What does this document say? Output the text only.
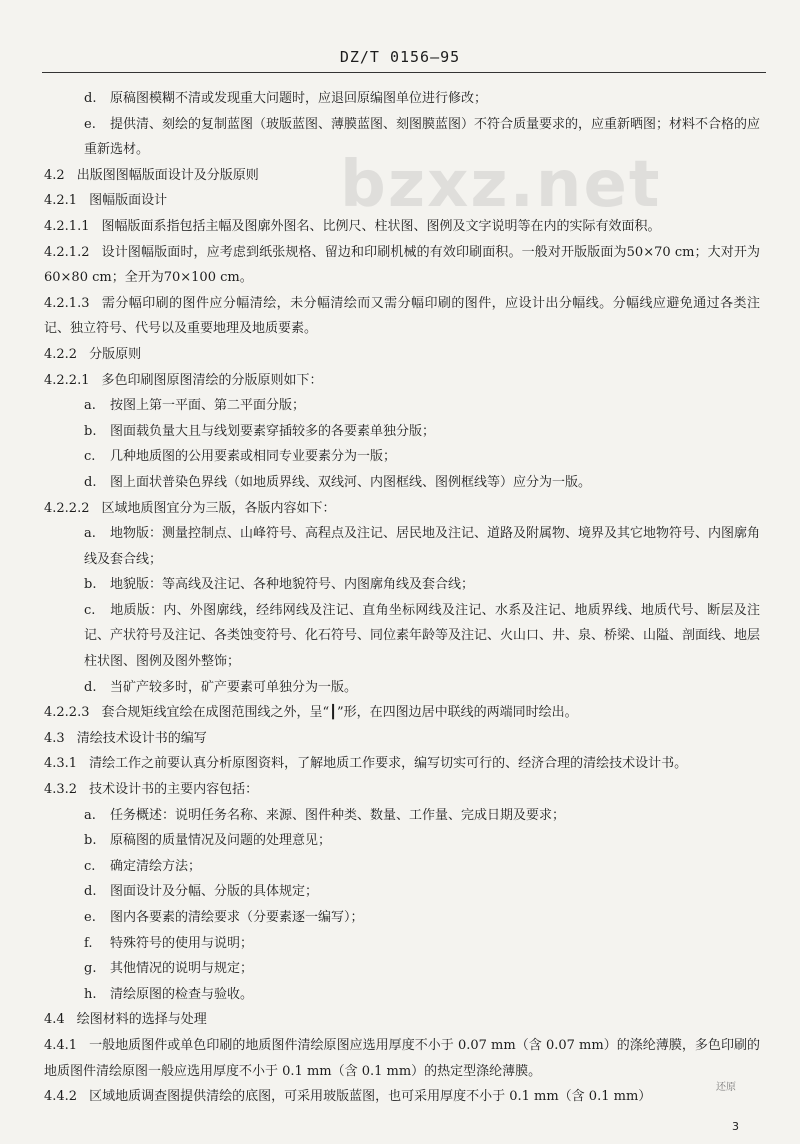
DZ/T 0156—95
bzxz.net
d. 原稿图模糊不清或发现重大问题时，应退回原编图单位进行修改；
e. 提供清、刻绘的复制蓝图（玻版蓝图、薄膜蓝图、刻图膜蓝图）不符合质量要求的，应重新晒图；材料不合格的应重新选材。
4.2 出版图图幅版面设计及分版原则
4.2.1 图幅版面设计
4.2.1.1 图幅版面系指包括主幅及图廓外图名、比例尺、柱状图、图例及文字说明等在内的实际有效面积。
4.2.1.2 设计图幅版面时，应考虑到纸张规格、留边和印刷机械的有效印刷面积。一般对开版版面为50×70 cm；大对开为60×80 cm；全开为70×100 cm。
4.2.1.3 需分幅印刷的图件应分幅清绘，未分幅清绘而又需分幅印刷的图件，应设计出分幅线。分幅线应避免通过各类注记、独立符号、代号以及重要地理及地质要素。
4.2.2 分版原则
4.2.2.1 多色印刷图原图清绘的分版原则如下：
a. 按图上第一平面、第二平面分版；
b. 图面载负量大且与线划要素穿插较多的各要素单独分版；
c. 几种地质图的公用要素或相同专业要素分为一版；
d. 图上面状普染色界线（如地质界线、双线河、内图框线、图例框线等）应分为一版。
4.2.2.2 区域地质图宜分为三版，各版内容如下：
a. 地物版：测量控制点、山峰符号、高程点及注记、居民地及注记、道路及附属物、境界及其它地物符号、内图廓角线及套合线；
b. 地貌版：等高线及注记、各种地貌符号、内图廓角线及套合线；
c. 地质版：内、外图廓线，经纬网线及注记、直角坐标网线及注记、水系及注记、地质界线、地质代号、断层及注记、产状符号及注记、各类蚀变符号、化石符号、同位素年龄等及注记、火山口、井、泉、桥梁、山隘、剖面线、地层柱状图、图例及图外整饰；
d. 当矿产较多时，矿产要素可单独分为一版。
4.2.2.3 套合规矩线宜绘在成图范围线之外，呈“┃”形，在四图边居中联线的两端同时绘出。
4.3 清绘技术设计书的编写
4.3.1 清绘工作之前要认真分析原图资料，了解地质工作要求，编写切实可行的、经济合理的清绘技术设计书。
4.3.2 技术设计书的主要内容包括：
a. 任务概述：说明任务名称、来源、图件种类、数量、工作量、完成日期及要求；
b. 原稿图的质量情况及问题的处理意见；
c. 确定清绘方法；
d. 图面设计及分幅、分版的具体规定；
e. 图内各要素的清绘要求（分要素逐一编写）；
f. 特殊符号的使用与说明；
g. 其他情况的说明与规定；
h. 清绘原图的检查与验收。
4.4 绘图材料的选择与处理
4.4.1 一般地质图件或单色印刷的地质图件清绘原图应选用厚度不小于 0.07 mm（含 0.07 mm）的涤纶薄膜，多色印刷的地质图件清绘原图一般应选用厚度不小于 0.1 mm（含 0.1 mm）的热定型涤纶薄膜。
4.4.2 区域地质调查图提供清绘的底图，可采用玻版蓝图，也可采用厚度不小于 0.1 mm（含 0.1 mm）
还原
3
